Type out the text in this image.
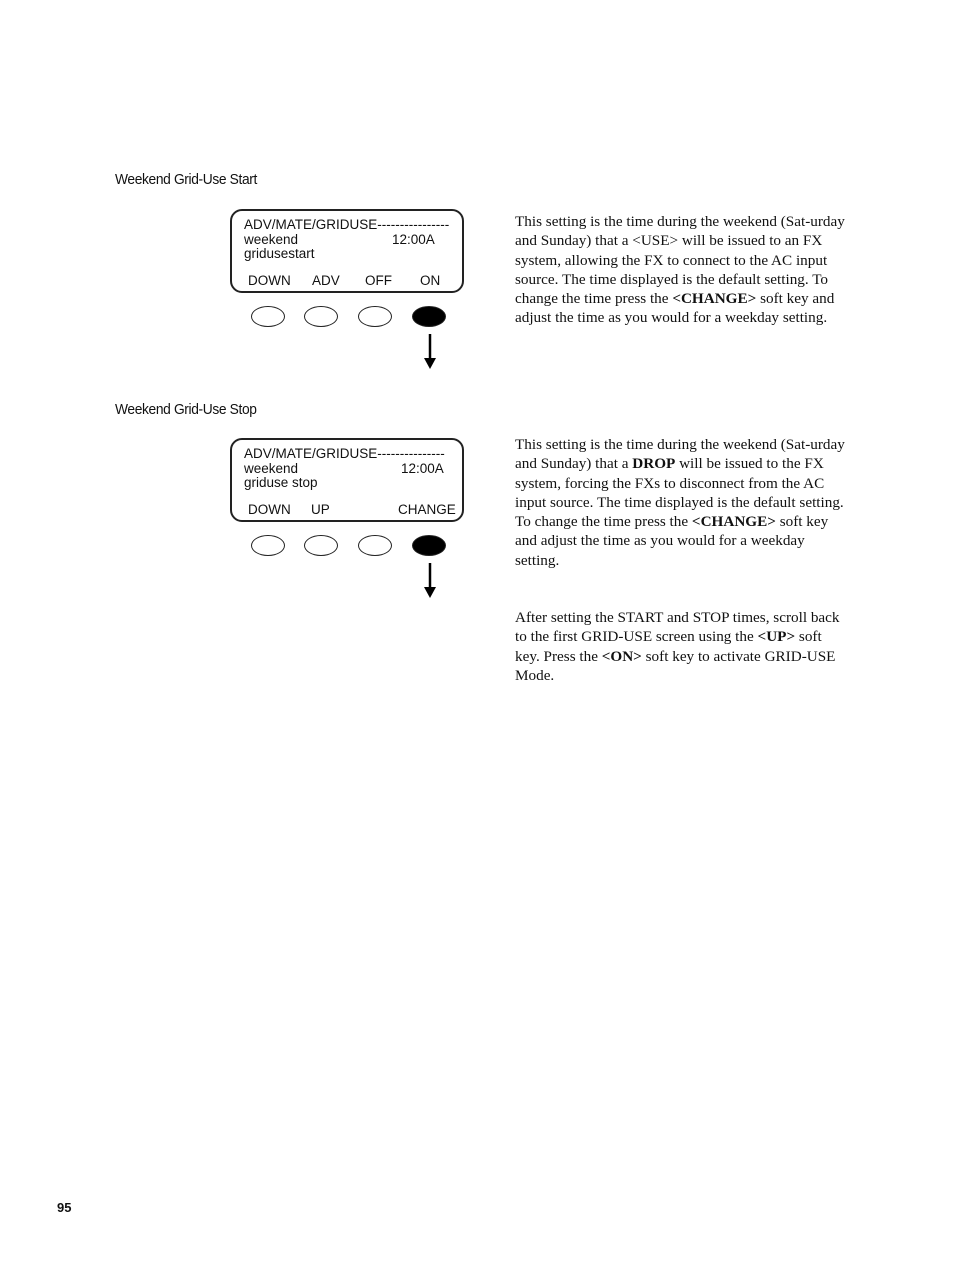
Weekend Grid-Use Start
ADV/MATE/GRIDUSE----------------
weekend	12:00A
gridusestart
DOWN ADV OFF ON
This setting is the time during the weekend (Sat-urday and Sunday) that a <USE> will be issued to an FX system, allowing the FX to connect to the AC input source. The time displayed is the default setting. To change the time press the <CHANGE> soft key and adjust the time as you would for a weekday setting.
Weekend Grid-Use Stop
ADV/MATE/GRIDUSE---------------
weekend	12:00A
griduse stop
DOWN UP	CHANGE
This setting is the time during the weekend (Sat-urday and Sunday) that a DROP will be issued to the FX system, forcing the FXs to disconnect from the AC input source. The time displayed is the default setting. To change the time press the <CHANGE> soft key and adjust the time as you would for a weekday setting.
After setting the START and STOP times, scroll back to the first GRID-USE screen using the <UP> soft key. Press the <ON> soft key to activate GRID-USE Mode.
95
